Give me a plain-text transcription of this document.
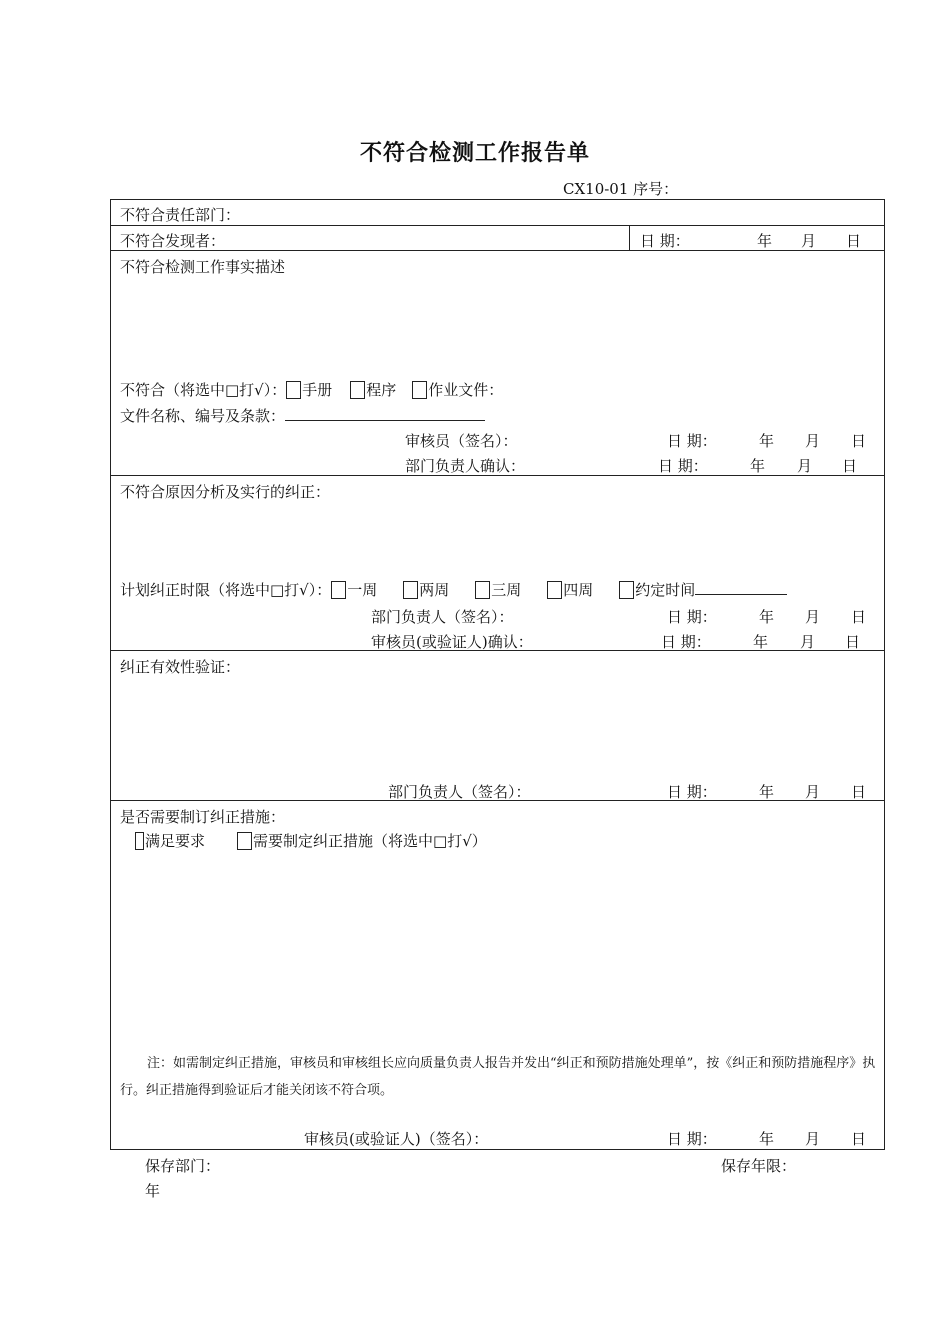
不符合检测工作报告单
CX10-01 序号：
不符合责任部门：
不符合发现者：	日 期：	年 月 日
不符合检测工作事实描述
不符合（将选中□打√）： 手册 程序 作业文件：
文件名称、编号及条款：
审核员（签名）：	日 期：	年 月 日
部门负责人确认：	日 期：	年 月 日
不符合原因分析及实行的纠正：
计划纠正时限（将选中□打√）： 一周	两周	三周	四周	约定时间
部门负责人（签名）：	日 期：	年 月 日
审核员(或验证人)确认：	日 期：	年 月 日
纠正有效性验证：
部门负责人（签名）：	日 期：	年 月 日
是否需要制订纠正措施：
满足要求	需要制定纠正措施（将选中□打√）
注：如需制定纠正措施，审核员和审核组长应向质量负责人报告并发出“纠正和预防措施处理单”，按《纠正和预防措施程序》执行。纠正措施得到验证后才能关闭该不符合项。
审核员(或验证人)（签名）：	日 期：	年 月 日
保存部门：	保存年限：
年
